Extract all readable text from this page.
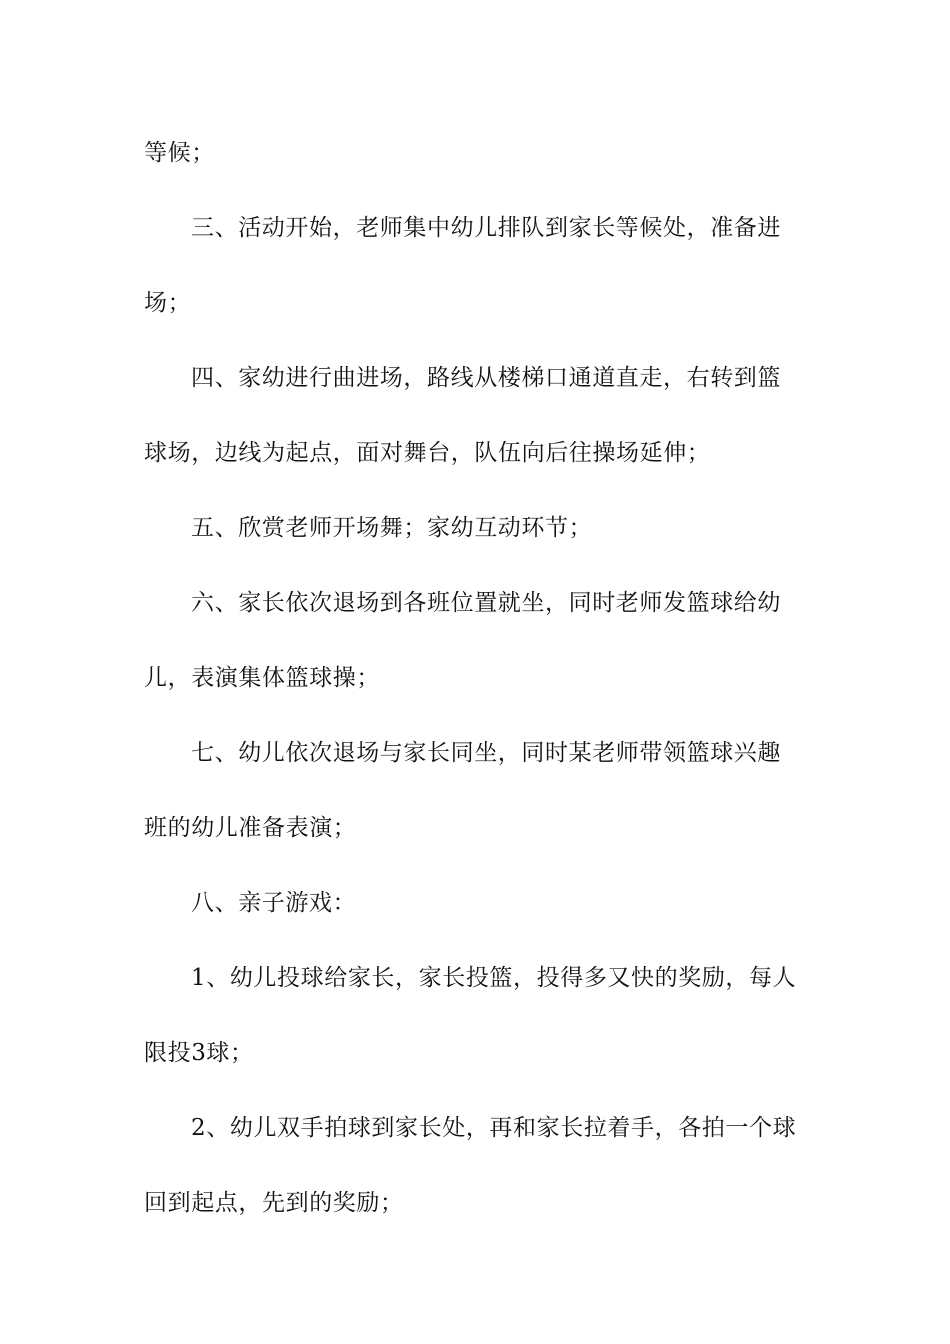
等候；
三、活动开始，老师集中幼儿排队到家长等候处，准备进
场；
四、家幼进行曲进场，路线从楼梯口通道直走，右转到篮
球场，边线为起点，面对舞台，队伍向后往操场延伸；
五、欣赏老师开场舞；家幼互动环节；
六、家长依次退场到各班位置就坐，同时老师发篮球给幼
儿，表演集体篮球操；
七、幼儿依次退场与家长同坐，同时某老师带领篮球兴趣
班的幼儿准备表演；
八、亲子游戏：
1、幼儿投球给家长，家长投篮，投得多又快的奖励，每人
限投3球；
2、幼儿双手拍球到家长处，再和家长拉着手，各拍一个球
回到起点，先到的奖励；
